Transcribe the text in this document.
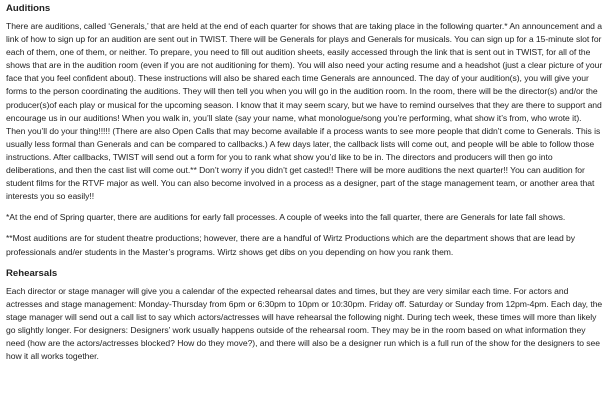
Auditions

There are auditions, called ‘Generals,’ that are held at the end of each quarter for shows that are taking place in the following quarter.* An announcement and a link of how to sign up for an audition are sent out in TWIST. There will be Generals for plays and Generals for musicals. You can sign up for a 15-minute slot for each of them, one of them, or neither. To prepare, you need to fill out audition sheets, easily accessed through the link that is sent out in TWIST, for all of the shows that are in the audition room (even if you are not auditioning for them). You will also need your acting resume and a headshot (just a clear picture of your face that you feel confident about). These instructions will also be shared each time Generals are announced. The day of your audition(s), you will give your forms to the person coordinating the auditions. They will then tell you when you will go in the audition room. In the room, there will be the director(s) and/or the producer(s)of each play or musical for the upcoming season. I know that it may seem scary, but we have to remind ourselves that they are there to support and encourage us in our auditions! When you walk in, you’ll slate (say your name, what monologue/song you’re performing, what show it’s from, who wrote it). Then you’ll do your thing!!!!! (There are also Open Calls that may become available if a process wants to see more people that didn’t come to Generals. This is usually less formal than Generals and can be compared to callbacks.) A few days later, the callback lists will come out, and people will be able to follow those instructions. After callbacks, TWIST will send out a form for you to rank what show you’d like to be in. The directors and producers will then go into deliberations, and then the cast list will come out.** Don’t worry if you didn’t get casted!! There will be more auditions the next quarter!! You can audition for student films for the RTVF major as well. You can also become involved in a process as a designer, part of the stage management team, or another area that interests you so easily!!

*At the end of Spring quarter, there are auditions for early fall processes. A couple of weeks into the fall quarter, there are Generals for late fall shows.

**Most auditions are for student theatre productions; however, there are a handful of Wirtz Productions which are the department shows that are lead by professionals and/er students in the Master’s programs. Wirtz shows get dibs on you depending on how you rank them.

Rehearsals

Each director or stage manager will give you a calendar of the expected rehearsal dates and times, but they are very similar each time. For actors and actresses and stage management: Monday-Thursday from 6pm or 6:30pm to 10pm or 10:30pm. Friday off. Saturday or Sunday from 12pm-4pm. Each day, the stage manager will send out a call list to say which actors/actresses will have rehearsal the following night. During tech week, these times will more than likely go slightly longer. For designers: Designers’ work usually happens outside of the rehearsal room. They may be in the room based on what information they need (how are the actors/actresses blocked? How do they move?), and there will also be a designer run which is a full run of the show for the designers to see how it all works together.
